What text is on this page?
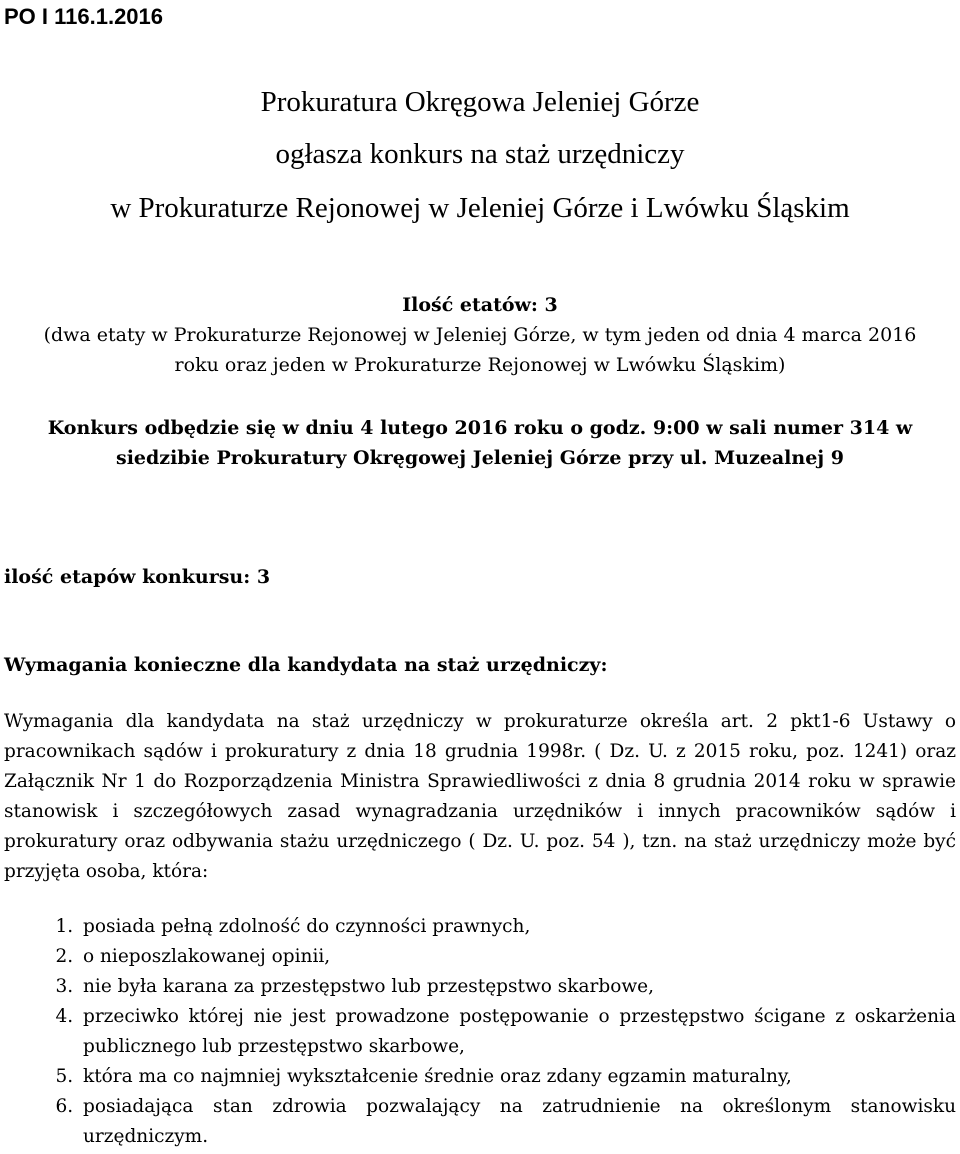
PO I 116.1.2016
Prokuratura Okręgowa Jeleniej Górze
ogłasza konkurs na staż urzędniczy
w Prokuraturze Rejonowej w Jeleniej Górze i Lwówku Śląskim
Ilość etatów: 3
(dwa etaty w Prokuraturze Rejonowej w Jeleniej Górze, w tym jeden od dnia 4 marca 2016 roku oraz jeden w Prokuraturze Rejonowej w Lwówku Śląskim)
Konkurs odbędzie się w dniu 4 lutego 2016 roku o godz. 9:00 w sali numer 314 w siedzibie Prokuratury Okręgowej Jeleniej Górze przy ul. Muzealnej 9
ilość etapów konkursu: 3
Wymagania konieczne dla kandydata na staż urzędniczy:
Wymagania dla kandydata na staż urzędniczy w prokuraturze określa art. 2 pkt1-6 Ustawy o pracownikach sądów i prokuratury z dnia 18 grudnia 1998r. ( Dz. U. z 2015 roku, poz. 1241) oraz Załącznik Nr 1 do Rozporządzenia Ministra Sprawiedliwości z dnia 8 grudnia 2014 roku w sprawie stanowisk i szczegółowych zasad wynagradzania urzędników i innych pracowników sądów i prokuratury oraz odbywania stażu urzędniczego ( Dz. U. poz. 54 ), tzn. na staż urzędniczy może być przyjęta osoba, która:
1. posiada pełną zdolność do czynności prawnych,
2. o nieposzlakowanej opinii,
3. nie była karana za przestępstwo lub przestępstwo skarbowe,
4. przeciwko której nie jest prowadzone postępowanie o przestępstwo ścigane z oskarżenia publicznego lub przestępstwo skarbowe,
5. która ma co najmniej wykształcenie średnie oraz zdany egzamin maturalny,
6. posiadająca stan zdrowia pozwalający na zatrudnienie na określonym stanowisku urzędniczym.
